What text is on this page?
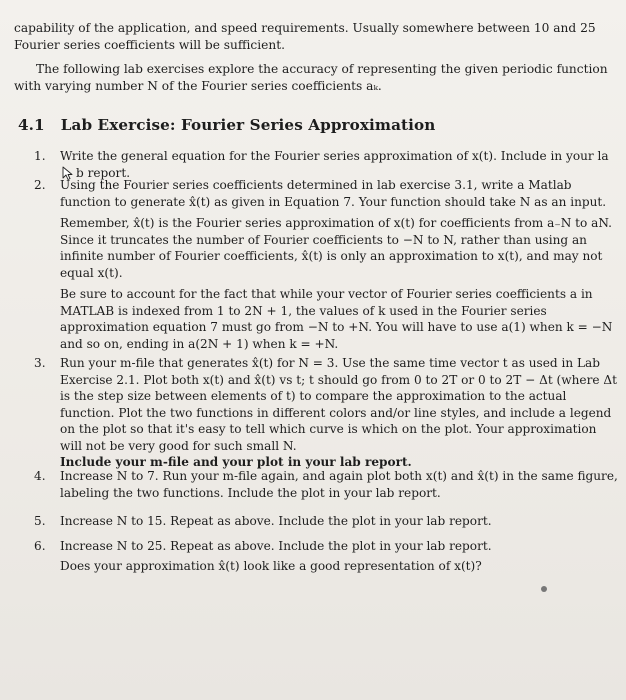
capability of the application, and speed requirements. Usually somewhere between 10 and 25 Fourier series coefficients will be sufficient.

The following lab exercises explore the accuracy of representing the given periodic function with varying number N of the Fourier series coefficients aₖ.

4.1 Lab Exercise: Fourier Series Approximation
1. Write the general equation for the Fourier series approximation of x(t). Include in your lab report.

2. Using the Fourier series coefficients determined in lab exercise 3.1, write a Matlab function to generate x̂(t) as given in Equation 7. Your function should take N as an input.

Remember, x̂(t) is the Fourier series approximation of x(t) for coefficients from a₋N to aN. Since it truncates the number of Fourier coefficients to −N to N, rather than using an infinite number of Fourier coefficients, x̂(t) is only an approximation to x(t), and may not equal x(t).

Be sure to account for the fact that while your vector of Fourier series coefficients a in MATLAB is indexed from 1 to 2N + 1, the values of k used in the Fourier series approximation equation 7 must go from −N to +N. You will have to use a(1) when k = −N and so on, ending in a(2N + 1) when k = +N.

3. Run your m-file that generates x̂(t) for N = 3. Use the same time vector t as used in Lab Exercise 2.1. Plot both x(t) and x̂(t) vs t; t should go from 0 to 2T or 0 to 2T − Δt (where Δt is the step size between elements of t) to compare the approximation to the actual function. Plot the two functions in different colors and/or line styles, and include a legend on the plot so that it's easy to tell which curve is which on the plot. Your approximation will not be very good for such small N.
Include your m-file and your plot in your lab report.

4. Increase N to 7. Run your m-file again, and again plot both x(t) and x̂(t) in the same figure, labeling the two functions. Include the plot in your lab report.

5. Increase N to 15. Repeat as above. Include the plot in your lab report.

6. Increase N to 25. Repeat as above. Include the plot in your lab report.

Does your approximation x̂(t) look like a good representation of x(t)?
